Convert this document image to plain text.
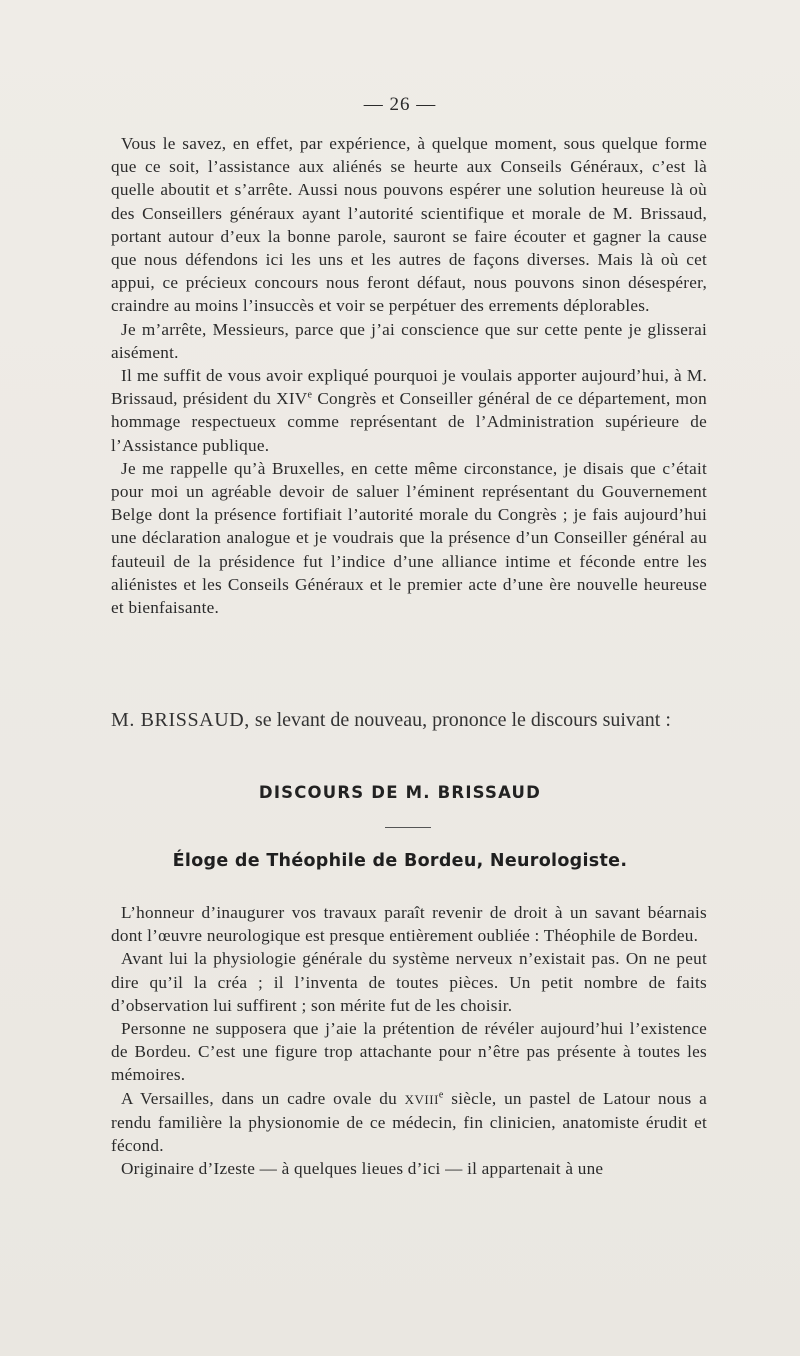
— 26 —

Vous le savez, en effet, par expérience, à quelque moment, sous quelque forme que ce soit, l’assistance aux aliénés se heurte aux Conseils Généraux, c’est là quelle aboutit et s’arrête. Aussi nous pouvons espérer une solution heureuse là où des Conseillers généraux ayant l’autorité scientifique et morale de M. Brissaud, portant autour d’eux la bonne parole, sauront se faire écouter et gagner la cause que nous défendons ici les uns et les autres de façons diverses. Mais là où cet appui, ce précieux concours nous feront défaut, nous pouvons sinon désespérer, craindre au moins l’insuccès et voir se perpétuer des errements déplorables.

Je m’arrête, Messieurs, parce que j’ai conscience que sur cette pente je glisserai aisément.

Il me suffit de vous avoir expliqué pourquoi je voulais apporter aujourd’hui, à M. Brissaud, président du XIVe Congrès et Conseiller général de ce département, mon hommage respectueux comme représentant de l’Administration supérieure de l’Assistance publique.

Je me rappelle qu’à Bruxelles, en cette même circonstance, je disais que c’était pour moi un agréable devoir de saluer l’éminent représentant du Gouvernement Belge dont la présence fortifiait l’autorité morale du Congrès ; je fais aujourd’hui une déclaration analogue et je voudrais que la présence d’un Conseiller général au fauteuil de la présidence fut l’indice d’une alliance intime et féconde entre les aliénistes et les Conseils Généraux et le premier acte d’une ère nouvelle heureuse et bienfaisante.

M. BRISSAUD, se levant de nouveau, prononce le discours suivant :
DISCOURS DE M. BRISSAUD
Éloge de Théophile de Bordeu, Neurologiste.

L’honneur d’inaugurer vos travaux paraît revenir de droit à un savant béarnais dont l’œuvre neurologique est presque entièrement oubliée : Théophile de Bordeu.

Avant lui la physiologie générale du système nerveux n’existait pas. On ne peut dire qu’il la créa ; il l’inventa de toutes pièces. Un petit nombre de faits d’observation lui suffirent ; son mérite fut de les choisir.

Personne ne supposera que j’aie la prétention de révéler aujourd’hui l’existence de Bordeu. C’est une figure trop attachante pour n’être pas présente à toutes les mémoires.

A Versailles, dans un cadre ovale du XVIIIe siècle, un pastel de Latour nous a rendu familière la physionomie de ce médecin, fin clinicien, anatomiste érudit et fécond.

Originaire d’Izeste — à quelques lieues d’ici — il appartenait à une
